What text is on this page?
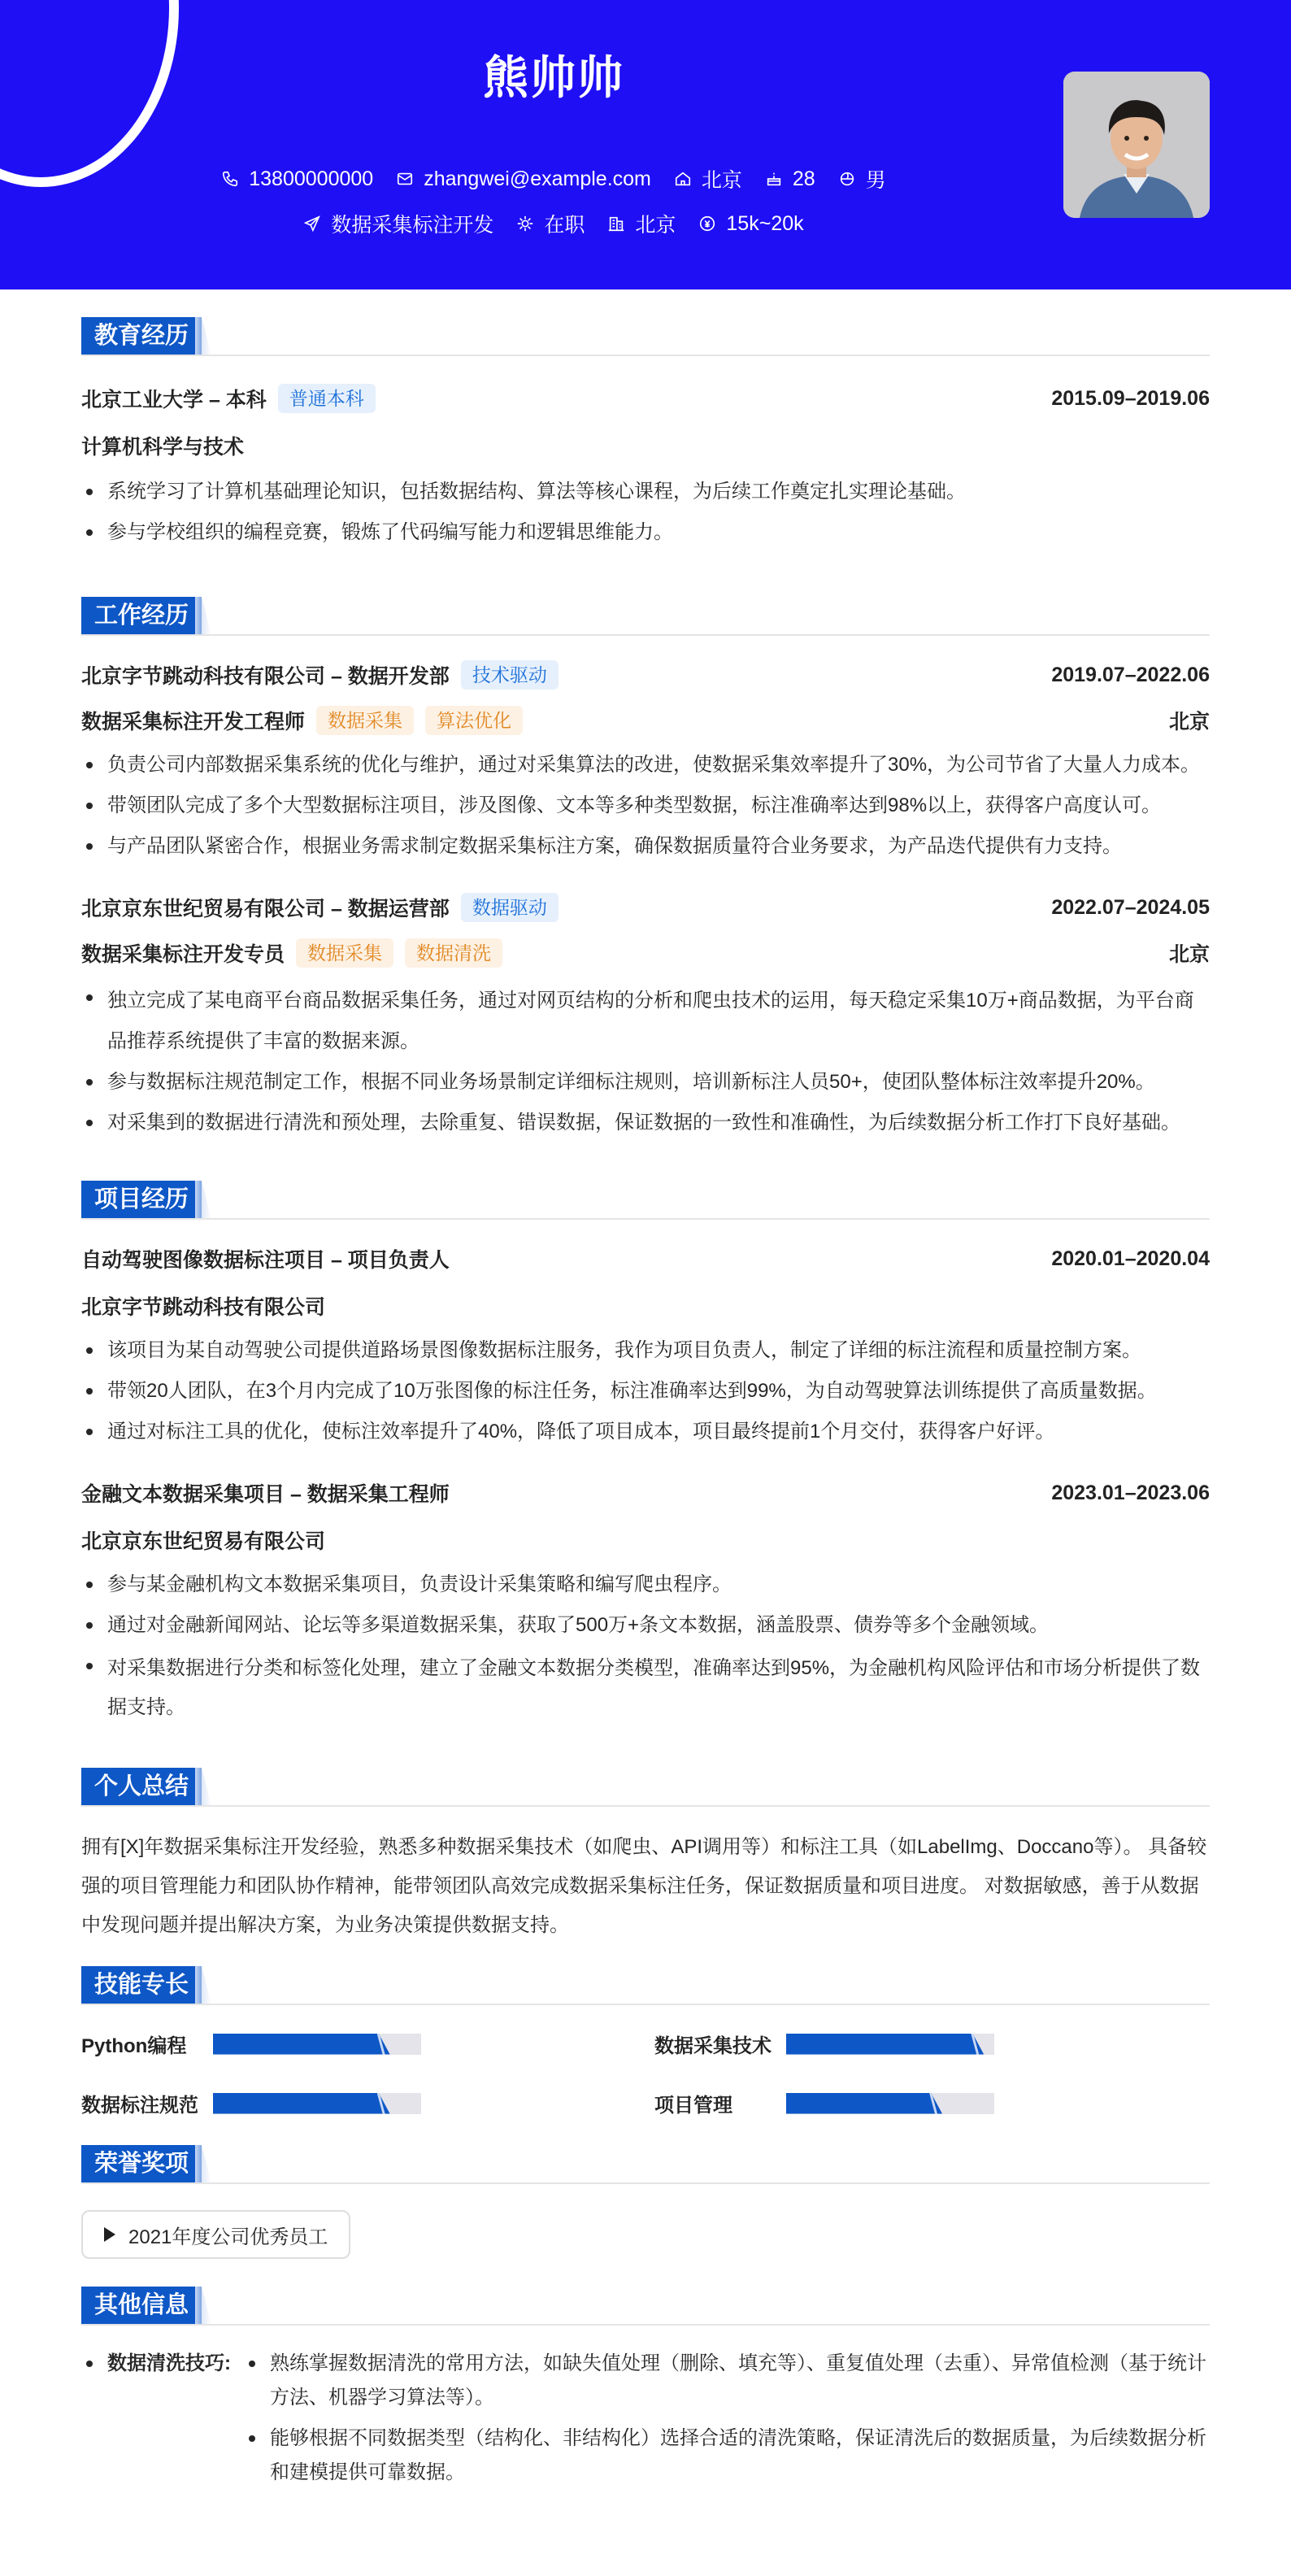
熊帅帅
13800000000 zhangwei@example.com 北京 28 男
数据采集标注开发 在职 北京 15k~20k
教育经历
北京工业大学 – 本科	普通本科	2015.09–2019.06
计算机科学与技术
系统学习了计算机基础理论知识，包括数据结构、算法等核心课程，为后续工作奠定扎实理论基础。
参与学校组织的编程竞赛，锻炼了代码编写能力和逻辑思维能力。
工作经历
北京字节跳动科技有限公司 – 数据开发部	技术驱动	2019.07–2022.06
数据采集标注开发工程师	数据采集	算法优化	北京
负责公司内部数据采集系统的优化与维护，通过对采集算法的改进，使数据采集效率提升了30%，为公司节省了大量人力成本。
带领团队完成了多个大型数据标注项目，涉及图像、文本等多种类型数据，标注准确率达到98%以上，获得客户高度认可。
与产品团队紧密合作，根据业务需求制定数据采集标注方案，确保数据质量符合业务要求，为产品迭代提供有力支持。
北京京东世纪贸易有限公司 – 数据运营部	数据驱动	2022.07–2024.05
数据采集标注开发专员	数据采集	数据清洗	北京
独立完成了某电商平台商品数据采集任务，通过对网页结构的分析和爬虫技术的运用，每天稳定采集10万+商品数据，为平台商品推荐系统提供了丰富的数据来源。
参与数据标注规范制定工作，根据不同业务场景制定详细标注规则，培训新标注人员50+，使团队整体标注效率提升20%。
对采集到的数据进行清洗和预处理，去除重复、错误数据，保证数据的一致性和准确性，为后续数据分析工作打下良好基础。
项目经历
自动驾驶图像数据标注项目 – 项目负责人	2020.01–2020.04
北京字节跳动科技有限公司
该项目为某自动驾驶公司提供道路场景图像数据标注服务，我作为项目负责人，制定了详细的标注流程和质量控制方案。
带领20人团队，在3个月内完成了10万张图像的标注任务，标注准确率达到99%，为自动驾驶算法训练提供了高质量数据。
通过对标注工具的优化，使标注效率提升了40%，降低了项目成本，项目最终提前1个月交付，获得客户好评。
金融文本数据采集项目 – 数据采集工程师	2023.01–2023.06
北京京东世纪贸易有限公司
参与某金融机构文本数据采集项目，负责设计采集策略和编写爬虫程序。
通过对金融新闻网站、论坛等多渠道数据采集，获取了500万+条文本数据，涵盖股票、债券等多个金融领域。
对采集数据进行分类和标签化处理，建立了金融文本数据分类模型，准确率达到95%，为金融机构风险评估和市场分析提供了数据支持。
个人总结

拥有[X]年数据采集标注开发经验，熟悉多种数据采集技术（如爬虫、API调用等）和标注工具（如LabelImg、Doccano等）。 具备较强的项目管理能力和团队协作精神，能带领团队高效完成数据采集标注任务，保证数据质量和项目进度。 对数据敏感，善于从数据中发现问题并提出解决方案，为业务决策提供数据支持。

技能专长
Python编程	数据采集技术
数据标注规范	项目管理
荣誉奖项
2021年度公司优秀员工
其他信息
数据清洗技巧:	熟练掌握数据清洗的常用方法，如缺失值处理（删除、填充等）、重复值处理（去重）、异常值检测（基于统计方法、机器学习算法等）。
能够根据不同数据类型（结构化、非结构化）选择合适的清洗策略，保证清洗后的数据质量，为后续数据分析和建模提供可靠数据。
